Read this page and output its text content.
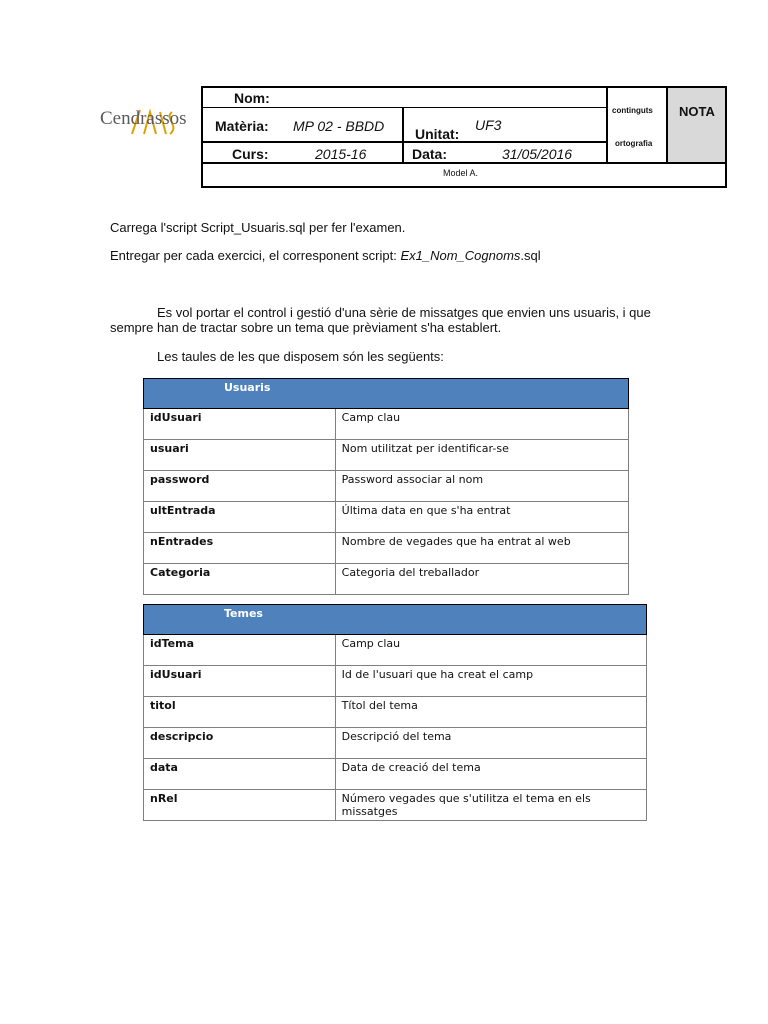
Cendrassos
Nom:
Matèria: MP 02 - BBDD Unitat:
UF3
Curs:	2015-16	Data:	31/05/2016
continguts
ortografia
NOTA
Model A.
Carrega l'script Script_Usuaris.sql per fer l'examen.
Entregar per cada exercici, el corresponent script: Ex1_Nom_Cognoms.sql
Es vol portar el control i gestió d'una sèrie de missatges que envien uns usuaris, i que
sempre han de tractar sobre un tema que prèviament s'ha establert.
Les taules de les que disposem són les següents:
Usuaris	
idUsuari	Camp clau
usuari	Nom utilitzat per identificar-se
password	Password associar al nom
ultEntrada	Última data en que s'ha entrat
nEntrades	Nombre de vegades que ha entrat al web
Categoria	Categoria del treballador
Temes	
idTema	Camp clau
idUsuari	Id de l'usuari que ha creat el camp
titol	Títol del tema
descripcio	Descripció del tema
data	Data de creació del tema
nRel	Número vegades que s'utilitza el tema en els missatges
